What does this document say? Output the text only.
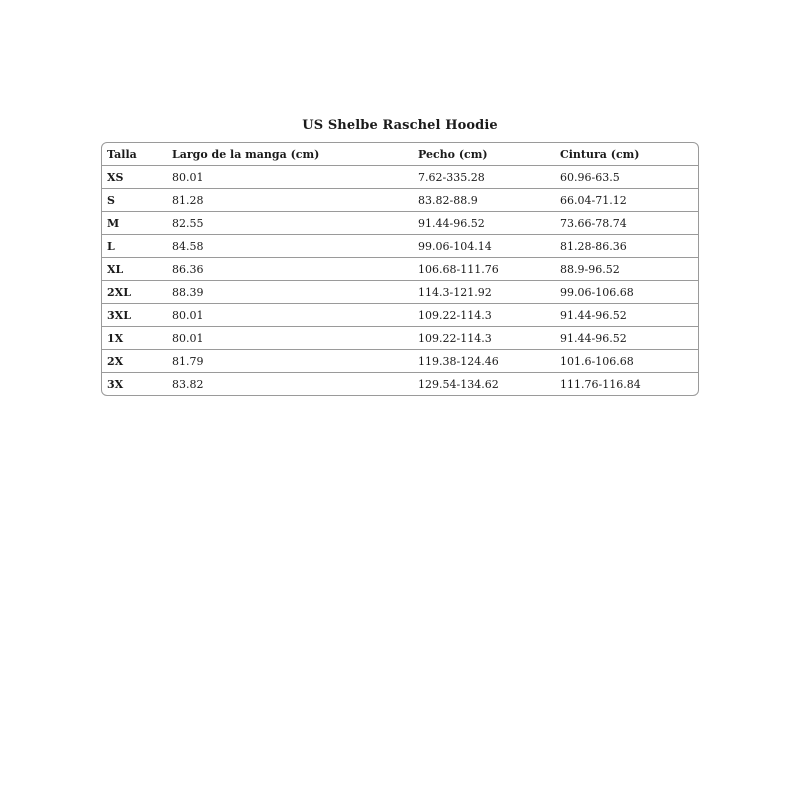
US Shelbe Raschel Hoodie
Talla	Largo de la manga (cm)	Pecho (cm)	Cintura (cm)
XS	80.01	7.62-335.28	60.96-63.5
S	81.28	83.82-88.9	66.04-71.12
M	82.55	91.44-96.52	73.66-78.74
L	84.58	99.06-104.14	81.28-86.36
XL	86.36	106.68-111.76	88.9-96.52
2XL	88.39	114.3-121.92	99.06-106.68
3XL	80.01	109.22-114.3	91.44-96.52
1X	80.01	109.22-114.3	91.44-96.52
2X	81.79	119.38-124.46	101.6-106.68
3X	83.82	129.54-134.62	111.76-116.84
